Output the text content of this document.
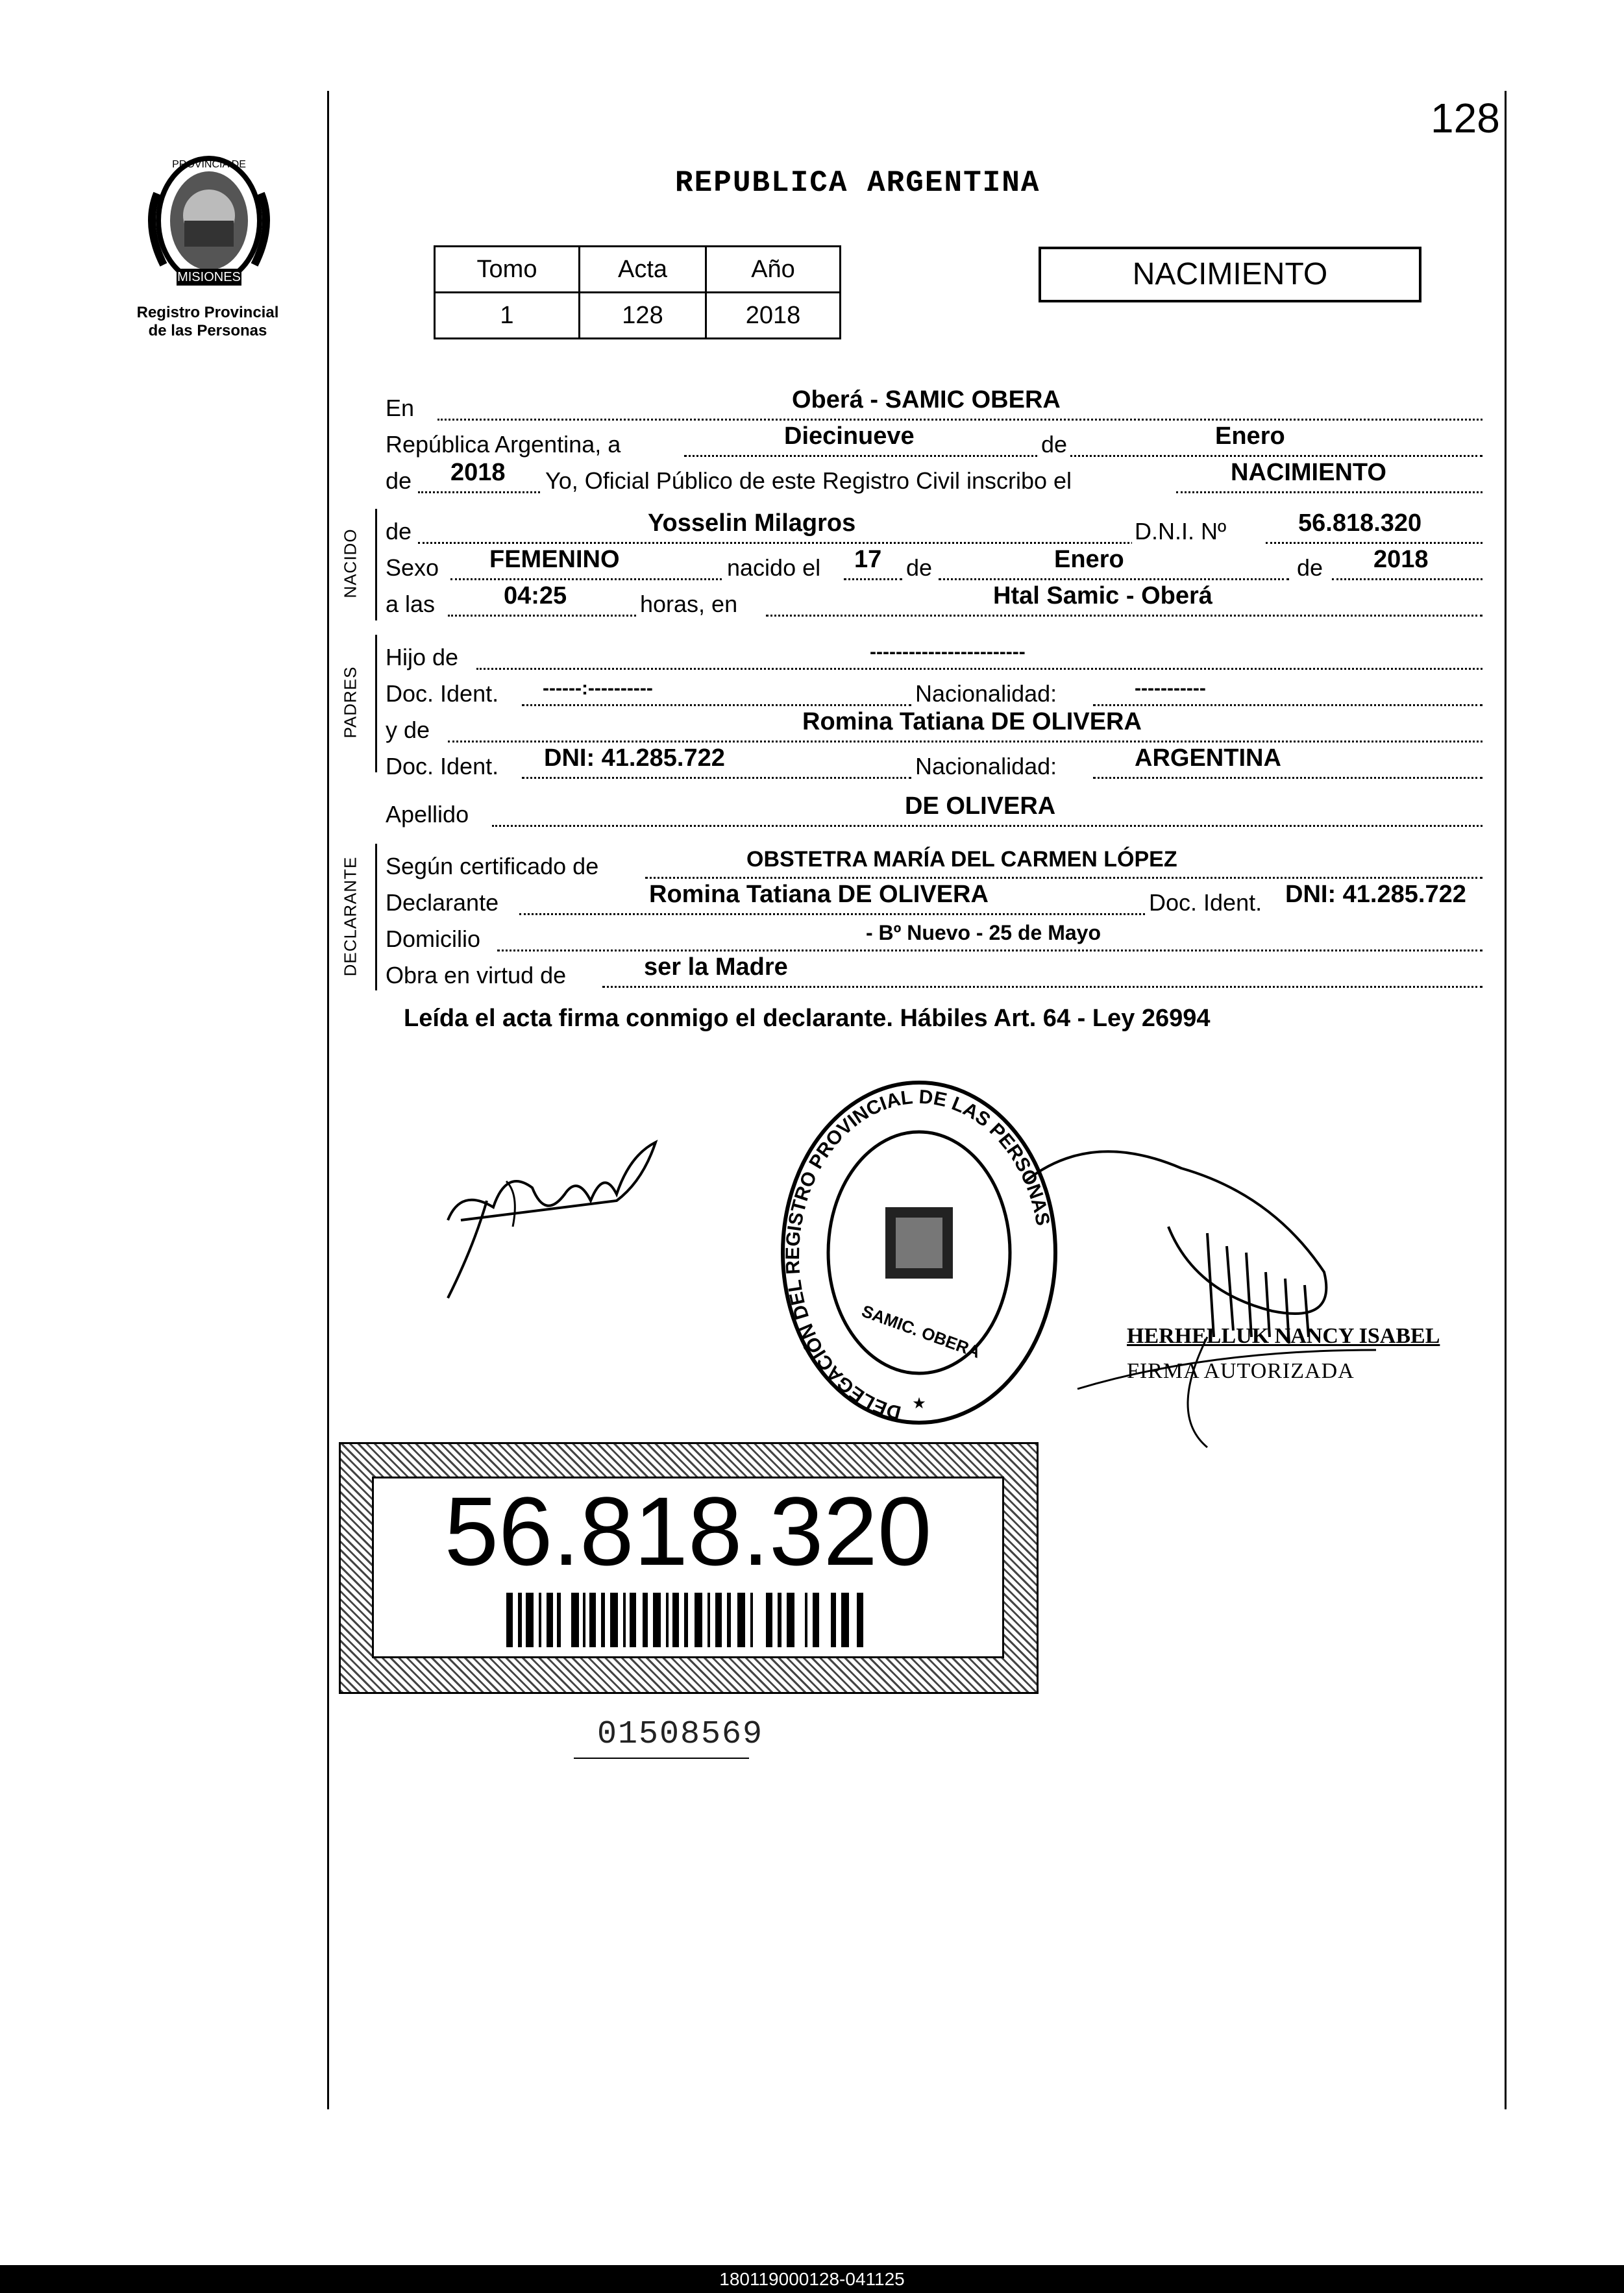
128
MISIONES
PROVINCIA DE
Registro Provincial
de las Personas
REPUBLICA ARGENTINA
Tomo	Acta	Año
1	128	2018
NACIMIENTO
En	Oberá - SAMIC OBERA
República Argentina, a	Diecinueve	de	Enero
de 2018 Yo, Oficial Público de este Registro Civil inscribo el	NACIMIENTO
NACIDO de	Yosselin Milagros	D.N.I. Nº	56.818.320
Sexo FEMENINO	nacido el 17 de	Enero	de 2018
a las	04:25	horas, en	Htal Samic - Oberá
PADRES
Hijo de	------------------------
Doc. Ident. ------:----------	Nacionalidad:	-----------
y de	Romina Tatiana DE OLIVERA
Doc. Ident. DNI: 41.285.722	Nacionalidad:	ARGENTINA
Apellido	DE OLIVERA
DECLARANTE Según certificado de	OBSTETRA MARÍA DEL CARMEN LÓPEZ
Declarante	Romina Tatiana DE OLIVERA	Doc. Ident. DNI: 41.285.722
Domicilio	- Bº Nuevo - 25 de Mayo
Obra en virtud de	ser la Madre
Leída el acta firma conmigo el declarante. Hábiles Art. 64 - Ley 26994
DELEGACIÓN DEL REGISTRO PROVINCIAL DE LAS PERSONAS
SAMIC. OBERA
★
HERHELLUK NANCY ISABEL
FIRMA AUTORIZADA
56.818.320
01508569
180119000128-041125
